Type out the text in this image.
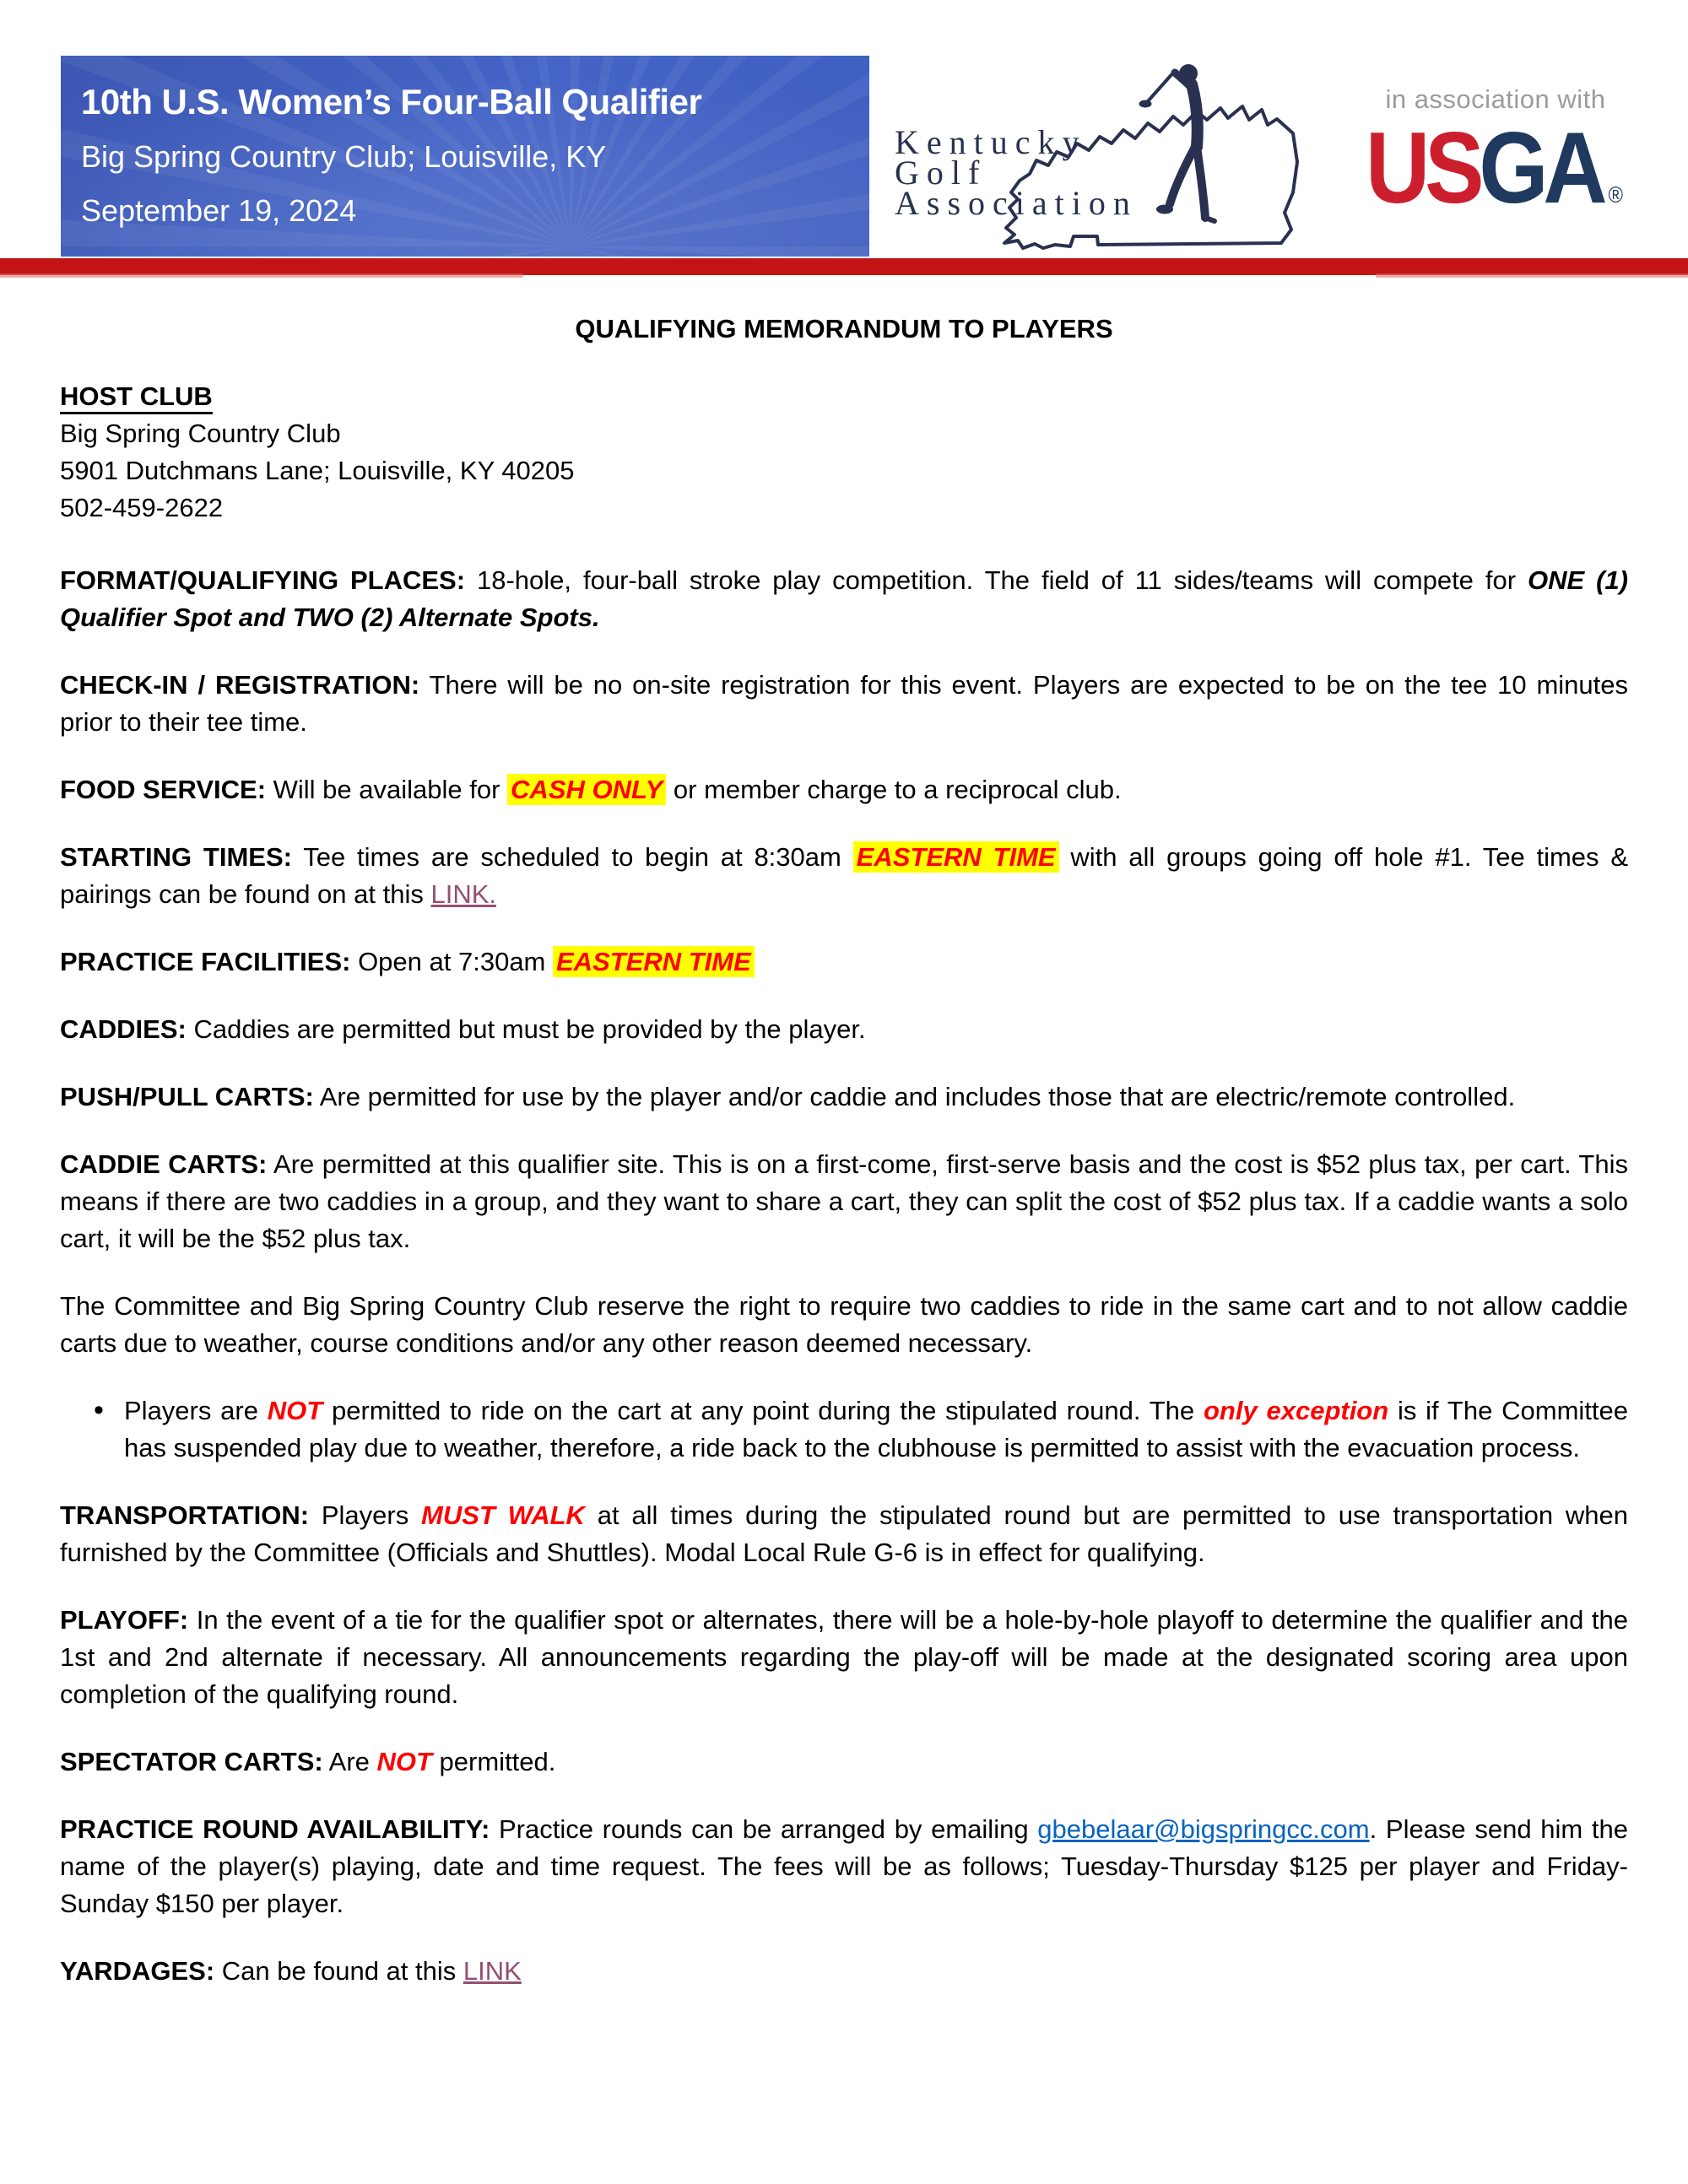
10th U.S. Women’s Four-Ball Qualifier
Big Spring Country Club; Louisville, KY
September 19, 2024
Kentucky
Golf
Association
in association with
USGA ®
QUALIFYING MEMORANDUM TO PLAYERS
HOST CLUB
Big Spring Country Club
5901 Dutchmans Lane; Louisville, KY 40205
502-459-2622
FORMAT/QUALIFYING PLACES: 18-hole, four-ball stroke play competition. The field of 11 sides/teams will compete for ONE (1) Qualifier Spot and TWO (2) Alternate Spots.
CHECK-IN / REGISTRATION: There will be no on-site registration for this event. Players are expected to be on the tee 10 minutes prior to their tee time.
FOOD SERVICE: Will be available for CASH ONLY or member charge to a reciprocal club.
STARTING TIMES: Tee times are scheduled to begin at 8:30am EASTERN TIME with all groups going off hole #1. Tee times & pairings can be found on at this LINK.
PRACTICE FACILITIES: Open at 7:30am EASTERN TIME
CADDIES: Caddies are permitted but must be provided by the player.
PUSH/PULL CARTS: Are permitted for use by the player and/or caddie and includes those that are electric/remote controlled.
CADDIE CARTS: Are permitted at this qualifier site. This is on a first-come, first-serve basis and the cost is $52 plus tax, per cart. This means if there are two caddies in a group, and they want to share a cart, they can split the cost of $52 plus tax. If a caddie wants a solo cart, it will be the $52 plus tax.
The Committee and Big Spring Country Club reserve the right to require two caddies to ride in the same cart and to not allow caddie carts due to weather, course conditions and/or any other reason deemed necessary.
• Players are NOT permitted to ride on the cart at any point during the stipulated round. The only exception is if The Committee has suspended play due to weather, therefore, a ride back to the clubhouse is permitted to assist with the evacuation process.
TRANSPORTATION: Players MUST WALK at all times during the stipulated round but are permitted to use transportation when furnished by the Committee (Officials and Shuttles). Modal Local Rule G-6 is in effect for qualifying.
PLAYOFF: In the event of a tie for the qualifier spot or alternates, there will be a hole-by-hole playoff to determine the qualifier and the 1st and 2nd alternate if necessary. All announcements regarding the play-off will be made at the designated scoring area upon completion of the qualifying round.
SPECTATOR CARTS: Are NOT permitted.
PRACTICE ROUND AVAILABILITY: Practice rounds can be arranged by emailing gbebelaar@bigspringcc.com. Please send him the name of the player(s) playing, date and time request. The fees will be as follows; Tuesday-Thursday $125 per player and Friday-Sunday $150 per player.
YARDAGES: Can be found at this LINK
